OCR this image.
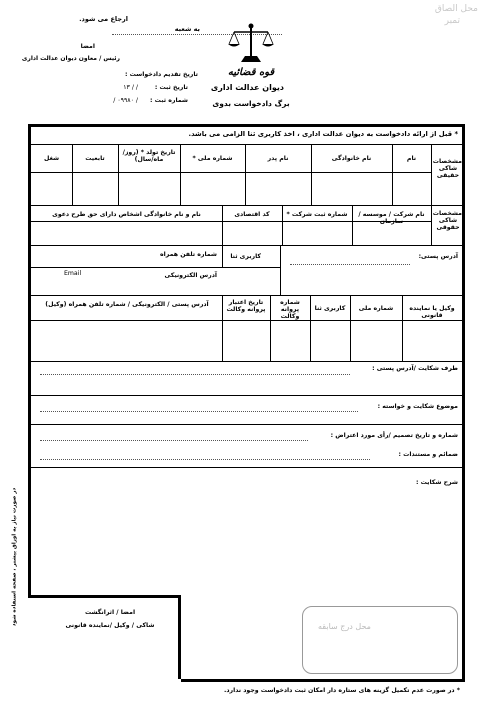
به شعبه
ارجاع می شود.
امضا
رئیس / معاون دیوان عدالت اداری
تاریخ تقدیم دادخواست :
تاریخ ثبت :
/ / ۱۳
شماره ثبت :
/ ۰۹۹۸۰ /
قوه قضائیه
دیوان عدالت اداری
برگ دادخواست بدوی
محل الصاق
تمبر
* قبل از ارائه دادخواست به دیوان عدالت اداری ، اخذ کاربری ثنا الزامی می باشد.
مشخصات شاکی حقیقی
نام
نام خانوادگی
نام پدر
شماره ملی *
تاریخ تولد * (روز/ماه/سال)
تابعیت
شغل
مشخصات شاکی حقوقی
نام شرکت / موسسه / سازمان
شماره ثبت شرکت *
کد اقتصادی
نام و نام خانوادگی اشخاص دارای حق طرح دعوی
آدرس پستی:
کاربری ثنا
شماره تلفن همراه
آدرس الکترونیکی
Email
وکیل یا نماینده قانونی
شماره ملی
کاربری ثنا
شماره پروانه وکالت
تاریخ اعتبار پروانه وکالت
آدرس پستی / الکترونیکی / شماره تلفن همراه (وکیل)
طرف شکایت /آدرس پستی :
موضوع شکایت و خواسته :
شماره و تاریخ تصمیم /رأی مورد اعتراض :
ضمائم و مستندات :
شرح شکایت :
امضا / اثرانگشت
شاکی / وکیل /نماینده قانونی	محل درج سابقه
در صورت نیاز به اوراق بیشتر ، صفحه استفاده شود
* در صورت عدم تکمیل گزینه های ستاره دار امکان ثبت دادخواست وجود ندارد.
